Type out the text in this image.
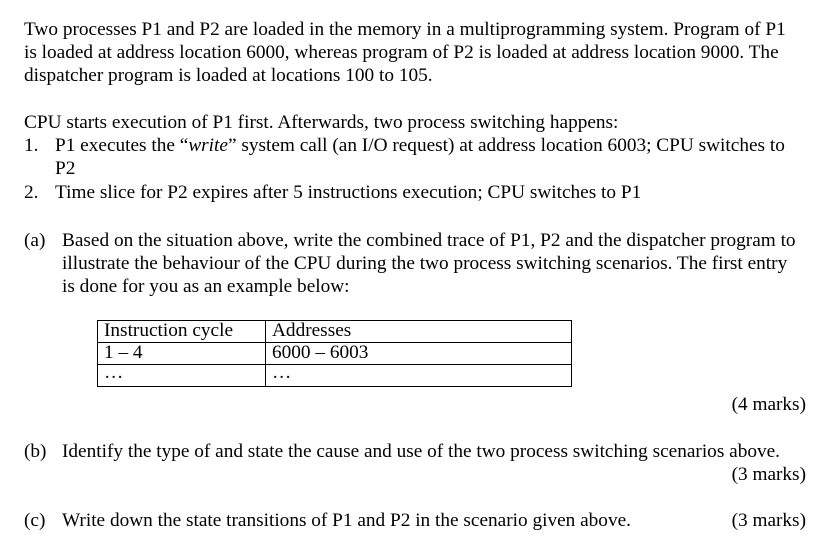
Two processes P1 and P2 are loaded in the memory in a multiprogramming system. Program of P1
is loaded at address location 6000, whereas program of P2 is loaded at address location 9000. The
dispatcher program is loaded at locations 100 to 105.
CPU starts execution of P1 first. Afterwards, two process switching happens:
1. P1 executes the “write” system call (an I/O request) at address location 6003; CPU switches to
P2
2. Time slice for P2 expires after 5 instructions execution; CPU switches to P1
(a) Based on the situation above, write the combined trace of P1, P2 and the dispatcher program to
illustrate the behaviour of the CPU during the two process switching scenarios. The first entry
is done for you as an example below:
Instruction cycle	Addresses
1 – 4	6000 – 6003
…	…
(4 marks)
(b) Identify the type of and state the cause and use of the two process switching scenarios above.
(3 marks)
(c) Write down the state transitions of P1 and P2 in the scenario given above.	(3 marks)
